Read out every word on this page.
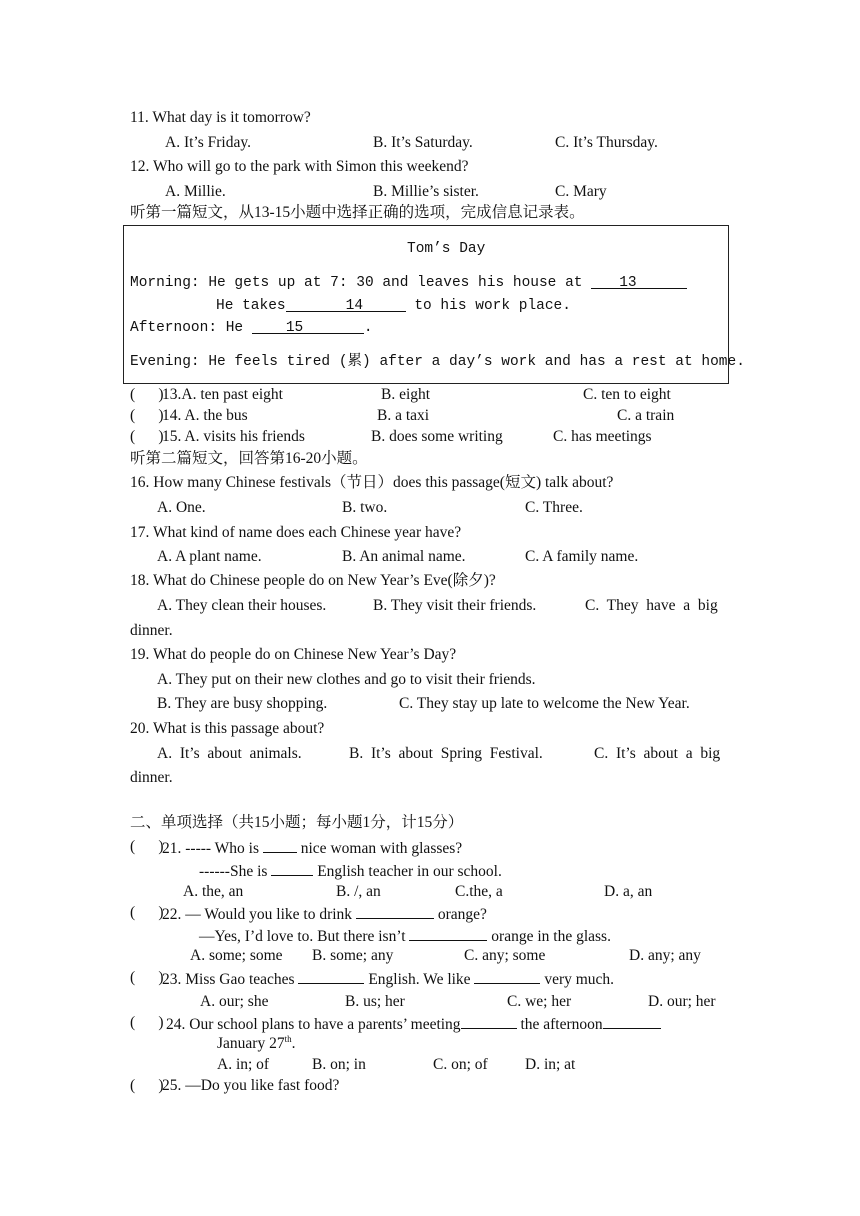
11. What day is it tomorrow?
A. It’s Friday.	B. It’s Saturday.	C. It’s Thursday.
12. Who will go to the park with Simon this weekend?
A. Millie.	B. Millie’s sister.	C. Mary
听第一篇短文，从13-15小题中选择正确的选项，完成信息记录表。
Tom’s Day
Morning: He gets up at 7: 30 and leaves his house at 13
He takes	14	to his work place.
Afternoon: He 15	.
Evening: He feels tired (累) after a day’s work and has a rest at home.
(      )
13.A. ten past eight	B. eight	C. ten to eight
(      )
14. A. the bus	B. a taxi	C. a train
(      )
15. A. visits his friends	B. does some writing	C. has meetings
听第二篇短文，回答第16-20小题。
16. How many Chinese festivals（节日）does this passage(短文) talk about?
A. One.	B. two.	C. Three.
17. What kind of name does each Chinese year have?
A. A plant name.	B. An animal name.	C. A family name.
18. What do Chinese people do on New Year’s Eve(除夕)?
A. They clean their houses.	B. They visit their friends.	C.  They  have  a  big
dinner.
19. What do people do on Chinese New Year’s Day?
A. They put on their new clothes and go to visit their friends.
B. They are busy shopping.	C. They stay up late to welcome the New Year.
20. What is this passage about?
A.  It’s  about  animals.	B.  It’s  about  Spring  Festival.	C.  It’s  about  a  big
dinner.
二、单项选择（共15小题；每小题1分，计15分）
(      )
21. ----- Who is  nice woman with glasses?
------She is	English teacher in our school.
A. the, an	B. /, an	C.the, a	D. a, an
(      )
22. — Would you like to drink	orange?
—Yes, I’d love to. But there isn’t	orange in the glass.
A. some; some B. some; any	C. any; some	D. any; any
(      )
23. Miss Gao teaches	English. We like	very much.
A. our; she	B. us; her	C. we; her	D. our; her
(      ) 24. Our school plans to have a parents’ meeting	the afternoon
January 27th.
A. in; of	B. on; in	C. on; of D. in; at
(      )
25. —Do you like fast food?
